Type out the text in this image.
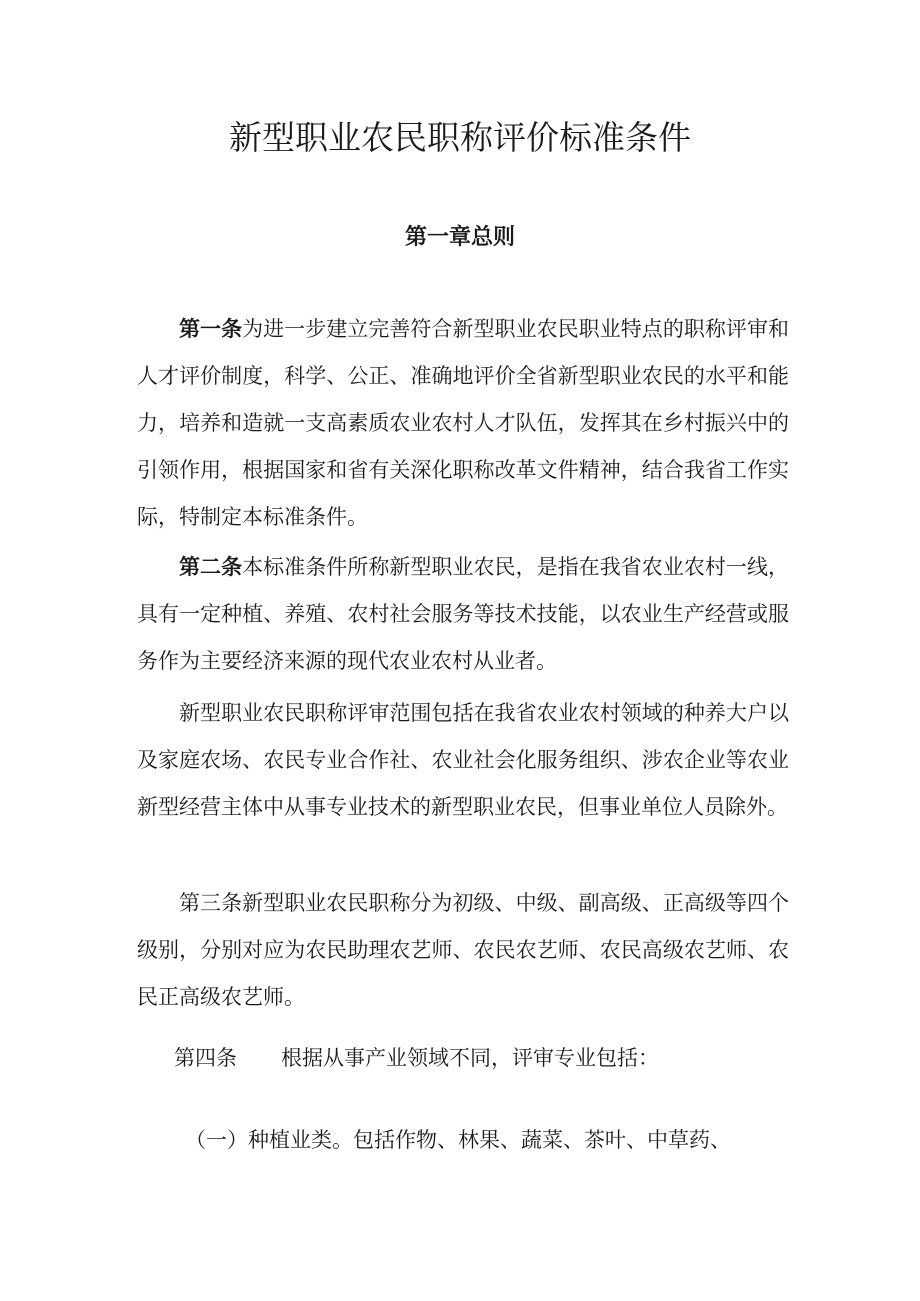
新型职业农民职称评价标准条件
第一章总则

第一条为进一步建立完善符合新型职业农民职业特点的职称评审和人才评价制度，科学、公正、准确地评价全省新型职业农民的水平和能力，培养和造就一支高素质农业农村人才队伍，发挥其在乡村振兴中的引领作用，根据国家和省有关深化职称改革文件精神，结合我省工作实际，特制定本标准条件。

第二条本标准条件所称新型职业农民，是指在我省农业农村一线，具有一定种植、养殖、农村社会服务等技术技能，以农业生产经营或服务作为主要经济来源的现代农业农村从业者。

新型职业农民职称评审范围包括在我省农业农村领域的种养大户以及家庭农场、农民专业合作社、农业社会化服务组织、涉农企业等农业新型经营主体中从事专业技术的新型职业农民，但事业单位人员除外。

第三条新型职业农民职称分为初级、中级、副高级、正高级等四个级别，分别对应为农民助理农艺师、农民农艺师、农民高级农艺师、农民正高级农艺师。

第四条 根据从事产业领域不同，评审专业包括：

（一）种植业类。包括作物、林果、蔬菜、茶叶、中草药、
